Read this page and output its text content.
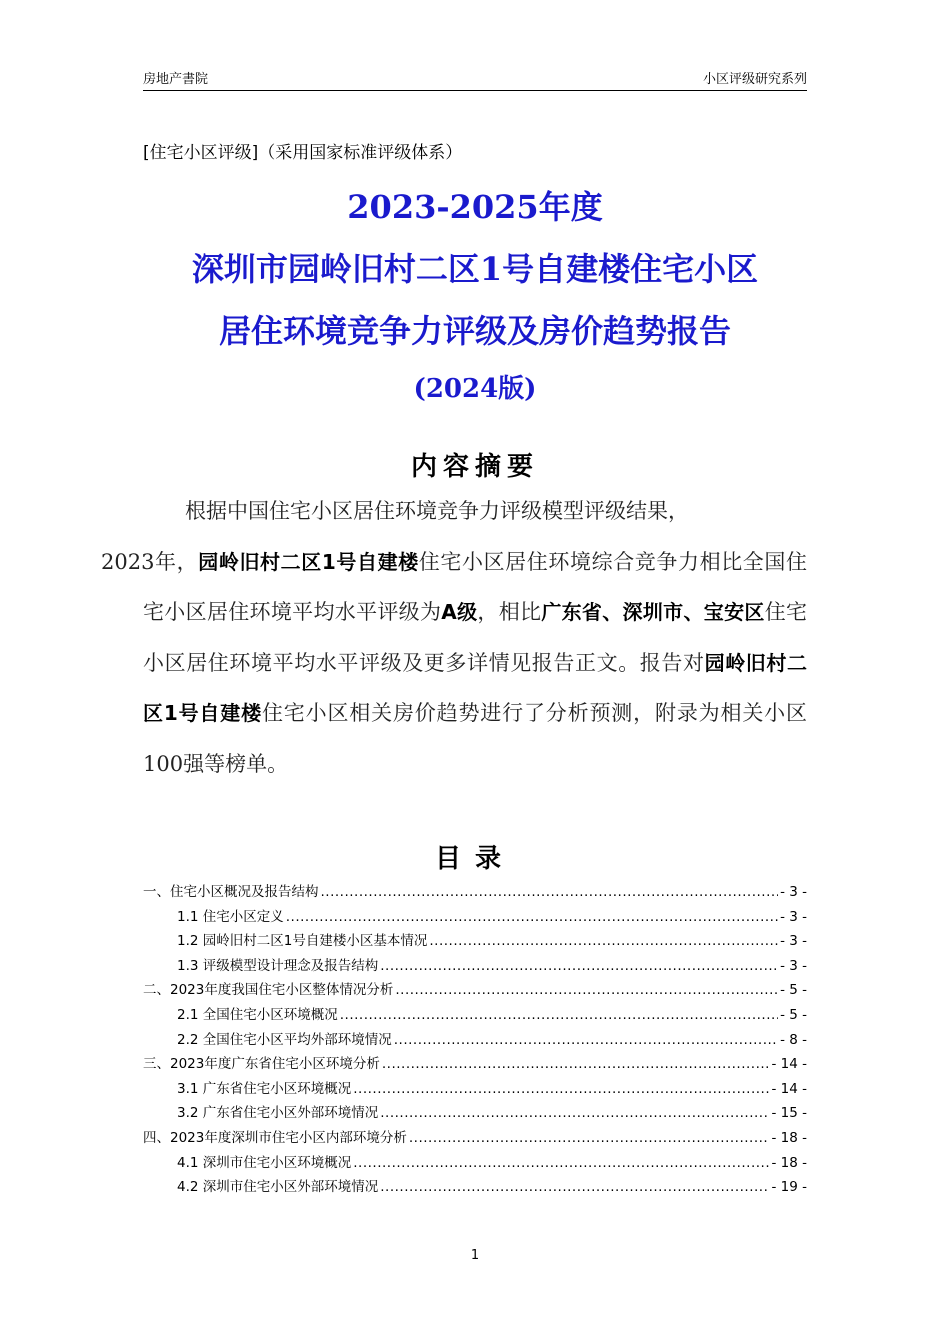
房地产書院	小区评级研究系列
[住宅小区评级]（采用国家标准评级体系）
2023-2025年度
深圳市园岭旧村二区1号自建楼住宅小区
居住环境竞争力评级及房价趋势报告
(2024版)
内容摘要

根据中国住宅小区居住环境竞争力评级模型评级结果，
2023年，园岭旧村二区1号自建楼住宅小区居住环境综合竞争力相比全国住宅小区居住环境平均水平评级为A级，相比广东省、深圳市、宝安区住宅小区居住环境平均水平评级及更多详情见报告正文。报告对园岭旧村二区1号自建楼住宅小区相关房价趋势进行了分析预测，附录为相关小区100强等榜单。

目录
一、住宅小区概况及报告结构 .....	- 3 -
1.1 住宅小区定义 .....	- 3 -
1.2 园岭旧村二区1号自建楼小区基本情况 .....	- 3 -
1.3 评级模型设计理念及报告结构 .....	- 3 -
二、2023年度我国住宅小区整体情况分析 .....	- 5 -
2.1 全国住宅小区环境概况 .....	- 5 -
2.2 全国住宅小区平均外部环境情况 .....	- 8 -
三、2023年度广东省住宅小区环境分析 .....	- 14 -
3.1 广东省住宅小区环境概况 .....	- 14 -
3.2 广东省住宅小区外部环境情况 .....	- 15 -
四、2023年度深圳市住宅小区内部环境分析 .....	- 18 -
4.1 深圳市住宅小区环境概况 .....	- 18 -
4.2 深圳市住宅小区外部环境情况 .....	- 19 -
1
